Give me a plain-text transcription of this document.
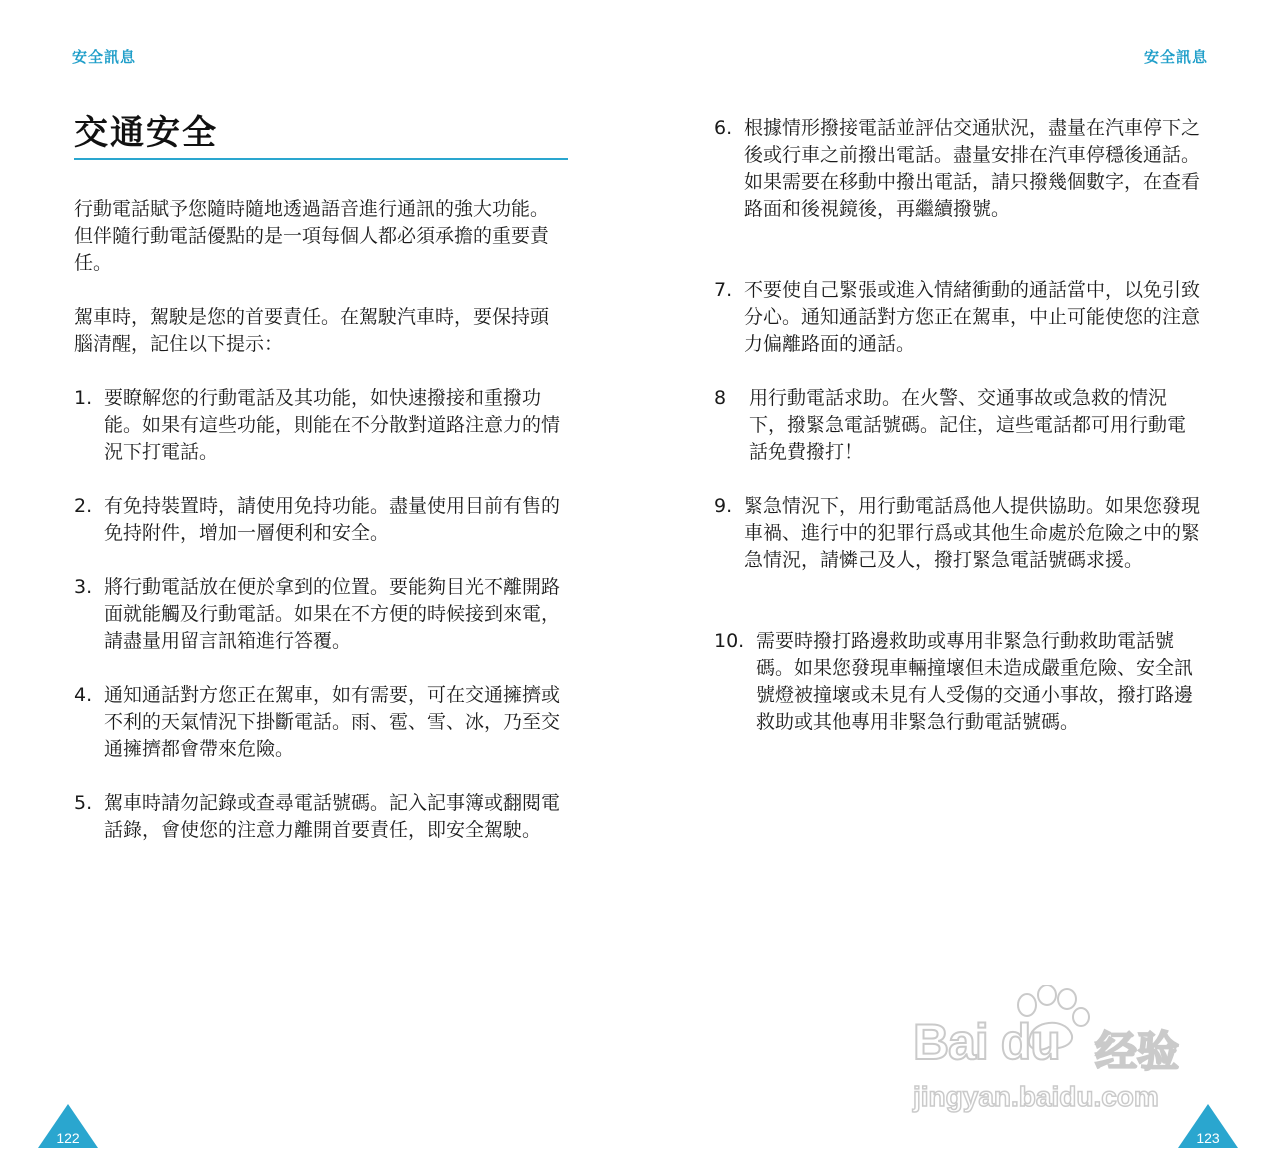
安全訊息
交通安全

行動電話賦予您隨時隨地透過語音進行通訊的強大功能。但伴隨行動電話優點的是一項每個人都必須承擔的重要責任。

駕車時，駕駛是您的首要責任。在駕駛汽車時，要保持頭腦清醒，記住以下提示：

1. 要瞭解您的行動電話及其功能，如快速撥接和重撥功能。如果有這些功能，則能在不分散對道路注意力的情況下打電話。
2. 有免持裝置時，請使用免持功能。盡量使用目前有售的免持附件，增加一層便利和安全。
3. 將行動電話放在便於拿到的位置。要能夠目光不離開路面就能觸及行動電話。如果在不方便的時候接到來電，請盡量用留言訊箱進行答覆。
4. 通知通話對方您正在駕車，如有需要，可在交通擁擠或不利的天氣情況下掛斷電話。雨、雹、雪、冰，乃至交通擁擠都會帶來危險。
5. 駕車時請勿記錄或查尋電話號碼。記入記事簿或翻閱電話錄，會使您的注意力離開首要責任，即安全駕駛。
122
安全訊息
6. 根據情形撥接電話並評估交通狀況，盡量在汽車停下之後或行車之前撥出電話。盡量安排在汽車停穩後通話。如果需要在移動中撥出電話，請只撥幾個數字，在查看路面和後視鏡後，再繼續撥號。
7. 不要使自己緊張或進入情緒衝動的通話當中，以免引致分心。通知通話對方您正在駕車，中止可能使您的注意力偏離路面的通話。
8	用行動電話求助。在火警、交通事故或急救的情況下，撥緊急電話號碼。記住，這些電話都可用行動電話免費撥打！
9. 緊急情況下，用行動電話爲他人提供協助。如果您發現車禍、進行中的犯罪行爲或其他生命處於危險之中的緊急情況，請憐己及人，撥打緊急電話號碼求援。
10. 需要時撥打路邊救助或專用非緊急行動救助電話號碼。如果您發現車輛撞壞但未造成嚴重危險、安全訊號燈被撞壞或未見有人受傷的交通小事故，撥打路邊救助或其他專用非緊急行動電話號碼。
123
Bai du 经验
jingyan.baidu.com
